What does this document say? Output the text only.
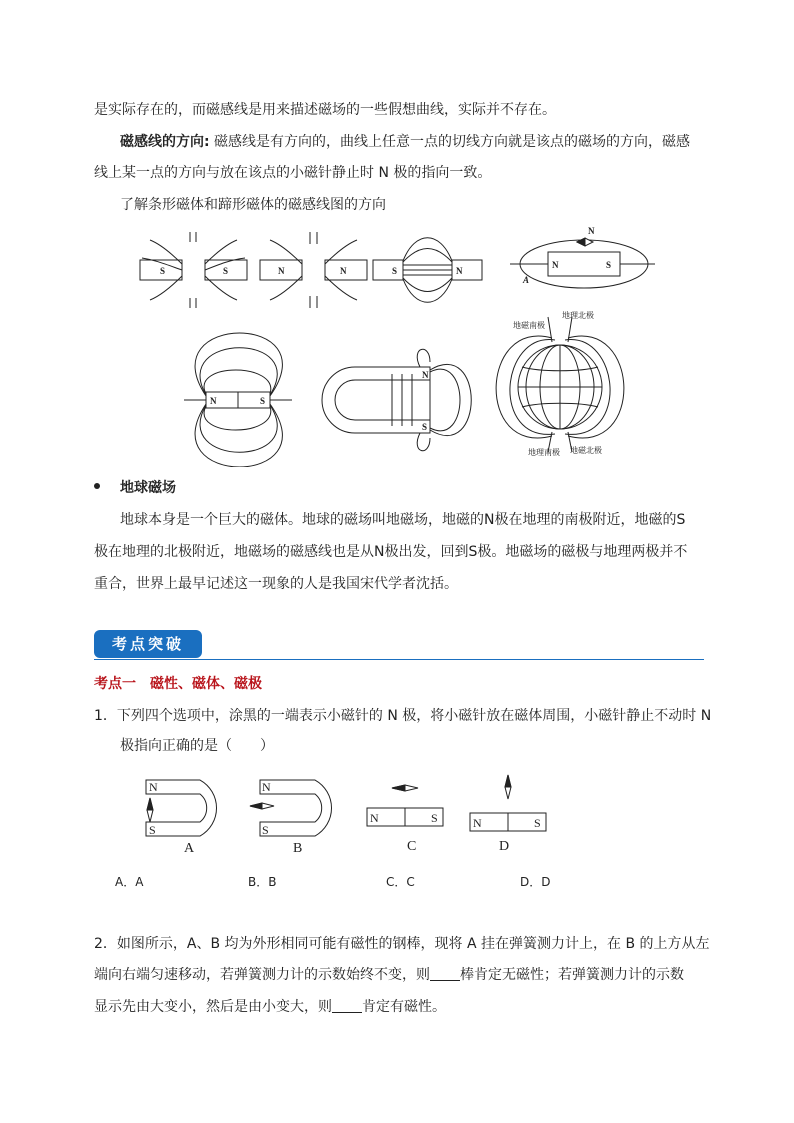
是实际存在的，而磁感线是用来描述磁场的一些假想曲线，实际并不存在。
磁感线的方向: 磁感线是有方向的，曲线上任意一点的切线方向就是该点的磁场的方向，磁感
线上某一点的方向与放在该点的小磁针静止时 N 极的指向一致。
了解条形磁体和蹄形磁体的磁感线图的方向
S	S	N	N	S	N
N	S
N
A
N	S
N
S
地理北极
地磁南极
地理南极 地磁北极
地球磁场
地球本身是一个巨大的磁体。地球的磁场叫地磁场，地磁的N极在地理的南极附近，地磁的S
极在地理的北极附近，地磁场的磁感线也是从N极出发，回到S极。地磁场的磁极与地理两极并不
重合，世界上最早记述这一现象的人是我国宋代学者沈括。
考点突破
考点一　磁性、磁体、磁极
1．下列四个选项中，涂黑的一端表示小磁针的 N 极，将小磁针放在磁体周围，小磁针静止不动时 N
极指向正确的是（　　）
N
S
N
S
N	S	N	S
A	B	C	D
A．A	B．B	C．C	D．D
2．如图所示，A、B 均为外形相同可能有磁性的钢棒，现将 A 挂在弹簧测力计上，在 B 的上方从左
端向右端匀速移动，若弹簧测力计的示数始终不变，则 棒肯定无磁性；若弹簧测力计的示数
显示先由大变小，然后是由小变大，则 肯定有磁性。
